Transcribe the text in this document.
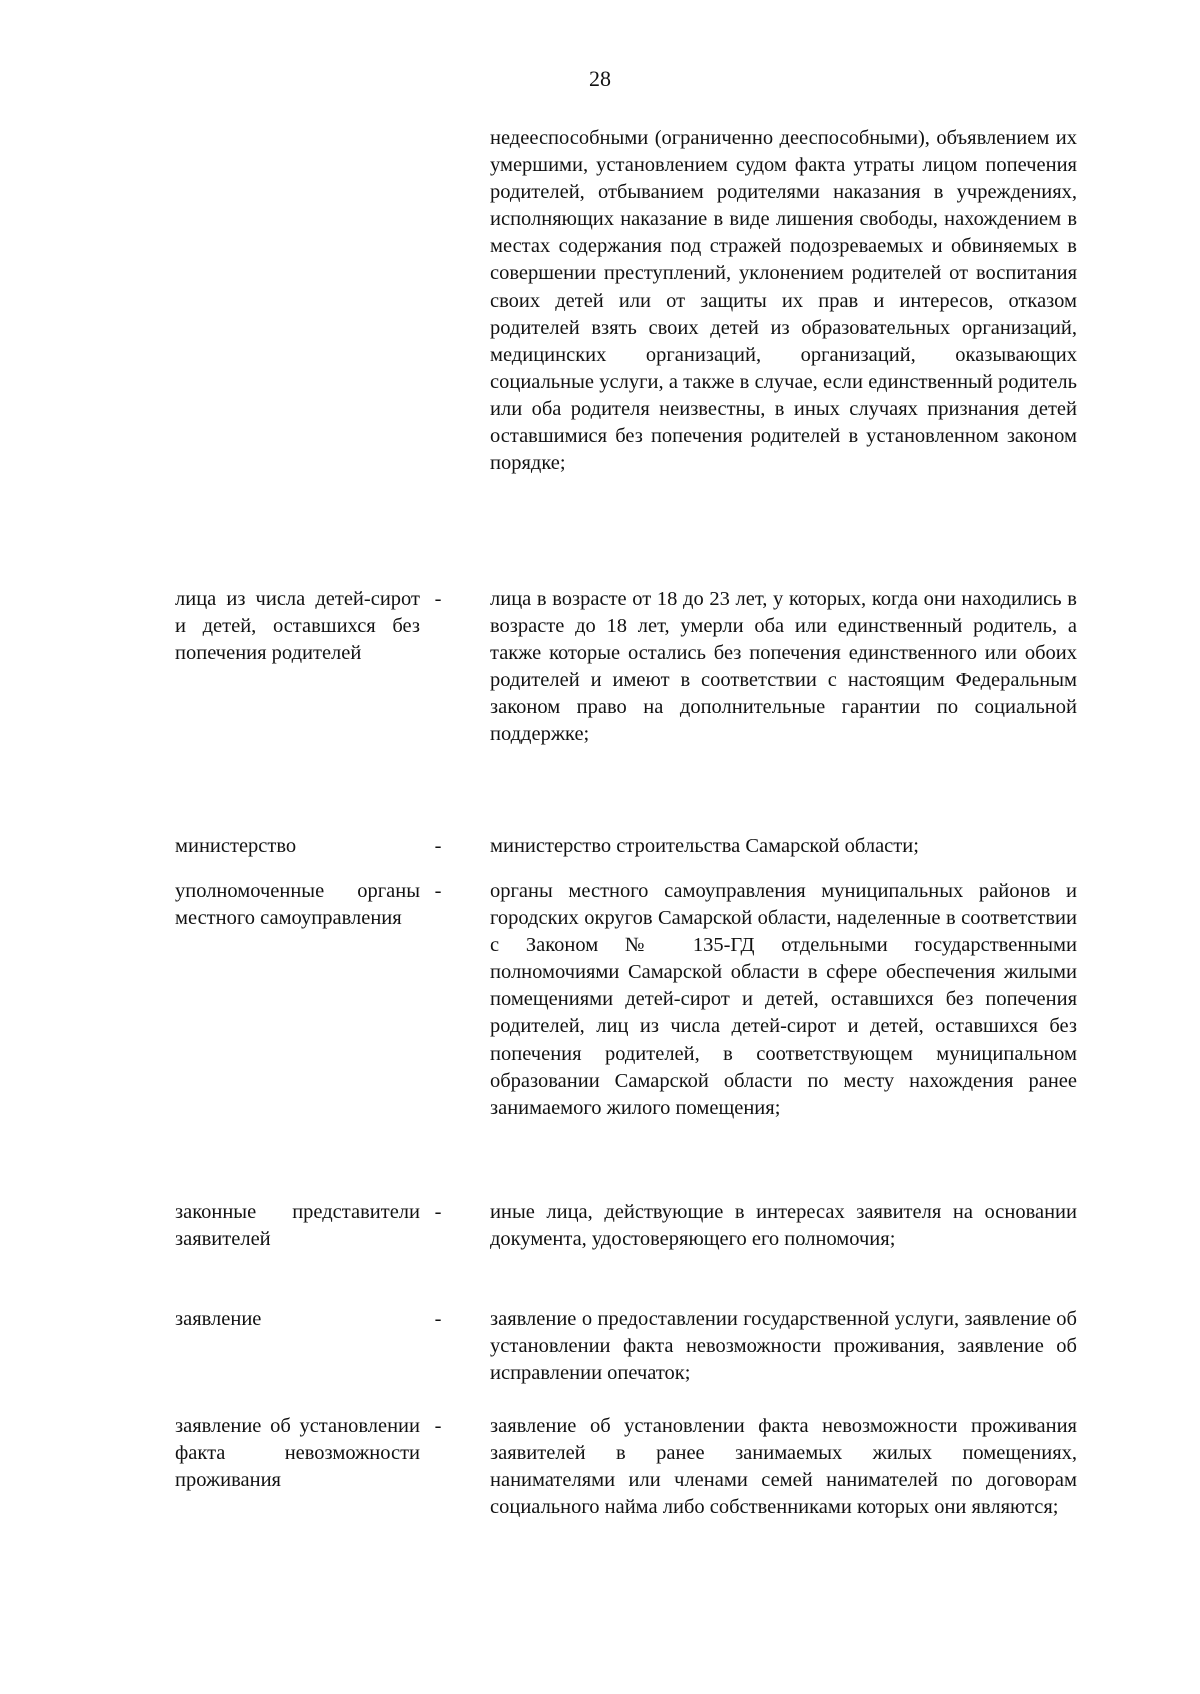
28

недееспособными (ограниченно дееспособными), объявлением их умершими, установлением судом факта утраты лицом попечения родителей, отбыванием родителями наказания в учреждениях, исполняющих наказание в виде лишения свободы, нахождением в местах содержания под стражей подозреваемых и обвиняемых в совершении преступлений, уклонением родителей от воспитания своих детей или от защиты их прав и интересов, отказом родителей взять своих детей из образовательных организаций, медицинских организаций, организаций, оказывающих социальные услуги, а также в случае, если единственный родитель или оба родителя неизвестны, в иных случаях признания детей оставшимися без попечения родителей в установленном законом порядке;

лица из числа детей-сирот и детей, оставшихся без попечения родителей

- лица в возрасте от 18 до 23 лет, у которых, когда они находились в возрасте до 18 лет, умерли оба или единственный родитель, а также которые остались без попечения единственного или обоих родителей и имеют в соответствии с настоящим Федеральным законом право на дополнительные гарантии по социальной поддержке;

министерство	- министерство строительства Самарской области;

уполномоченные органы местного самоуправления

- органы местного самоуправления муниципальных районов и городских округов Самарской области, наделенные в соответствии с Законом № 135-ГД отдельными государственными полномочиями Самарской области в сфере обеспечения жилыми помещениями детей-сирот и детей, оставшихся без попечения родителей, лиц из числа детей-сирот и детей, оставшихся без попечения родителей, в соответствующем муниципальном образовании Самарской области по месту нахождения ранее занимаемого жилого помещения;

законные представители заявителей

- иные лица, действующие в интересах заявителя на основании документа, удостоверяющего его полномочия;

заявление	- заявление о предоставлении государственной услуги, заявление об установлении факта невозможности проживания, заявление об исправлении опечаток;

заявление об установлении факта невозможности проживания

- заявление об установлении факта невозможности проживания заявителей в ранее занимаемых жилых помещениях, нанимателями или членами семей нанимателей по договорам социального найма либо собственниками которых они являются;
